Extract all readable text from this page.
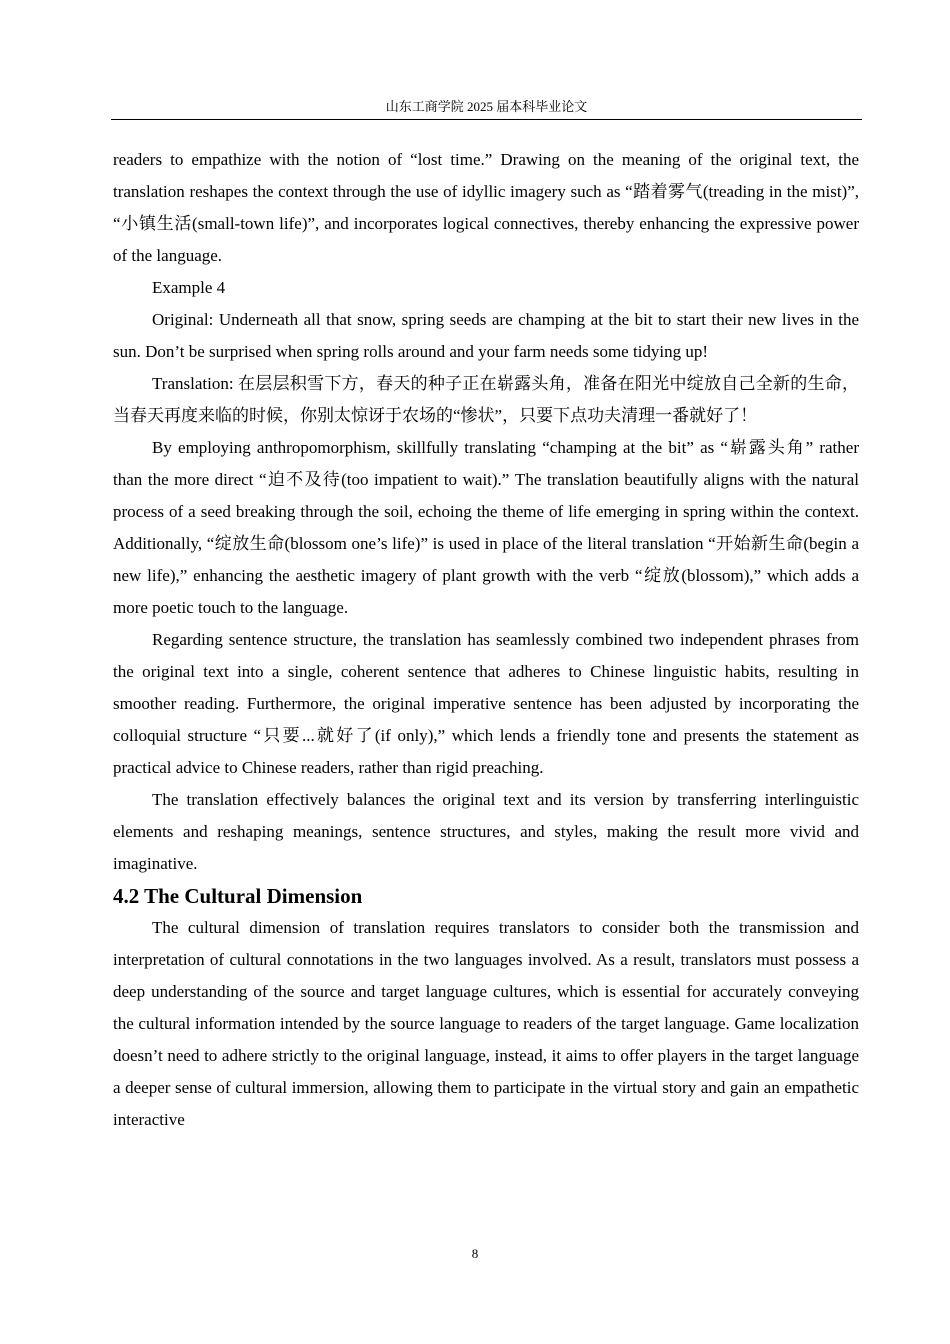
山东工商学院 2025 届本科毕业论文

readers to empathize with the notion of “lost time.” Drawing on the meaning of the original text, the translation reshapes the context through the use of idyllic imagery such as “踏着雾气(treading in the mist)”, “小镇生活(small-town life)”, and incorporates logical connectives, thereby enhancing the expressive power of the language.

Example 4

Original: Underneath all that snow, spring seeds are champing at the bit to start their new lives in the sun. Don’t be surprised when spring rolls around and your farm needs some tidying up!

Translation: 在层层积雪下方，春天的种子正在崭露头角，准备在阳光中绽放自己全新的生命，当春天再度来临的时候，你别太惊讶于农场的“惨状”，只要下点功夫清理一番就好了！

By employing anthropomorphism, skillfully translating “champing at the bit” as “崭露头角” rather than the more direct “迫不及待(too impatient to wait).” The translation beautifully aligns with the natural process of a seed breaking through the soil, echoing the theme of life emerging in spring within the context. Additionally, “绽放生命(blossom one’s life)” is used in place of the literal translation “开始新生命(begin a new life),” enhancing the aesthetic imagery of plant growth with the verb “绽放(blossom),” which adds a more poetic touch to the language.

Regarding sentence structure, the translation has seamlessly combined two independent phrases from the original text into a single, coherent sentence that adheres to Chinese linguistic habits, resulting in smoother reading. Furthermore, the original imperative sentence has been adjusted by incorporating the colloquial structure “只要...就好了(if only),” which lends a friendly tone and presents the statement as practical advice to Chinese readers, rather than rigid preaching.

The translation effectively balances the original text and its version by transferring interlinguistic elements and reshaping meanings, sentence structures, and styles, making the result more vivid and imaginative.

4.2 The Cultural Dimension

The cultural dimension of translation requires translators to consider both the transmission and interpretation of cultural connotations in the two languages involved. As a result, translators must possess a deep understanding of the source and target language cultures, which is essential for accurately conveying the cultural information intended by the source language to readers of the target language. Game localization doesn’t need to adhere strictly to the original language, instead, it aims to offer players in the target language a deeper sense of cultural immersion, allowing them to participate in the virtual story and gain an empathetic interactive

8
